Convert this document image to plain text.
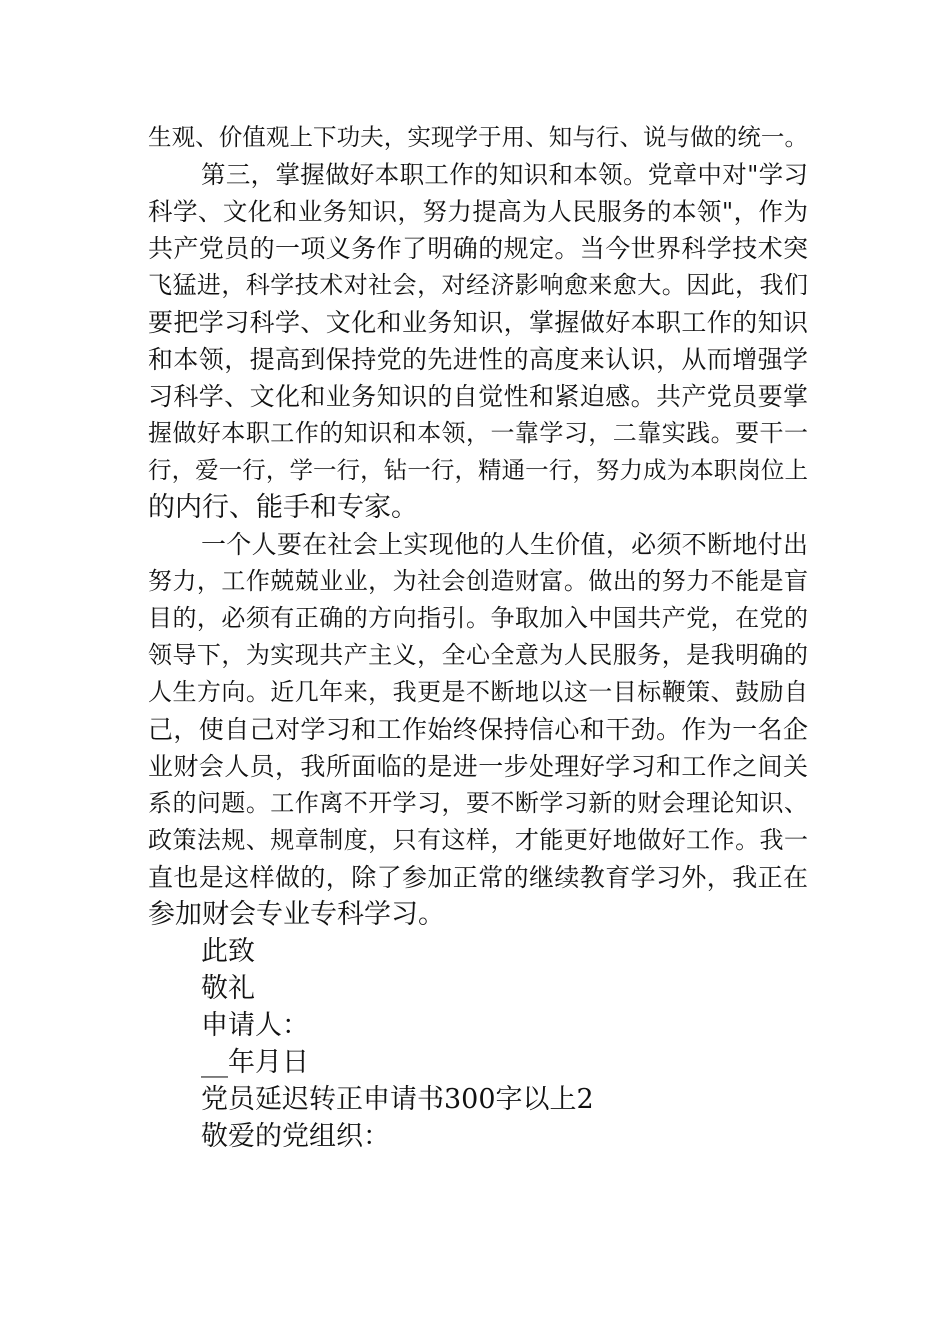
生观、价值观上下功夫，实现学于用、知与行、说与做的统一。
第三，掌握做好本职工作的知识和本领。党章中对"学习
科学、文化和业务知识，努力提高为人民服务的本领"，作为
共产党员的一项义务作了明确的规定。当今世界科学技术突
飞猛进，科学技术对社会，对经济影响愈来愈大。因此，我们
要把学习科学、文化和业务知识，掌握做好本职工作的知识
和本领，提高到保持党的先进性的高度来认识，从而增强学
习科学、文化和业务知识的自觉性和紧迫感。共产党员要掌
握做好本职工作的知识和本领，一靠学习，二靠实践。要干一
行，爱一行，学一行，钻一行，精通一行，努力成为本职岗位上
的内行、能手和专家。
一个人要在社会上实现他的人生价值，必须不断地付出
努力，工作兢兢业业，为社会创造财富。做出的努力不能是盲
目的，必须有正确的方向指引。争取加入中国共产党，在党的
领导下，为实现共产主义，全心全意为人民服务，是我明确的
人生方向。近几年来，我更是不断地以这一目标鞭策、鼓励自
己，使自己对学习和工作始终保持信心和干劲。作为一名企
业财会人员，我所面临的是进一步处理好学习和工作之间关
系的问题。工作离不开学习，要不断学习新的财会理论知识、
政策法规、规章制度，只有这样，才能更好地做好工作。我一
直也是这样做的，除了参加正常的继续教育学习外，我正在
参加财会专业专科学习。
此致
敬礼
申请人：
__年月日
党员延迟转正申请书300字以上2
敬爱的党组织：
